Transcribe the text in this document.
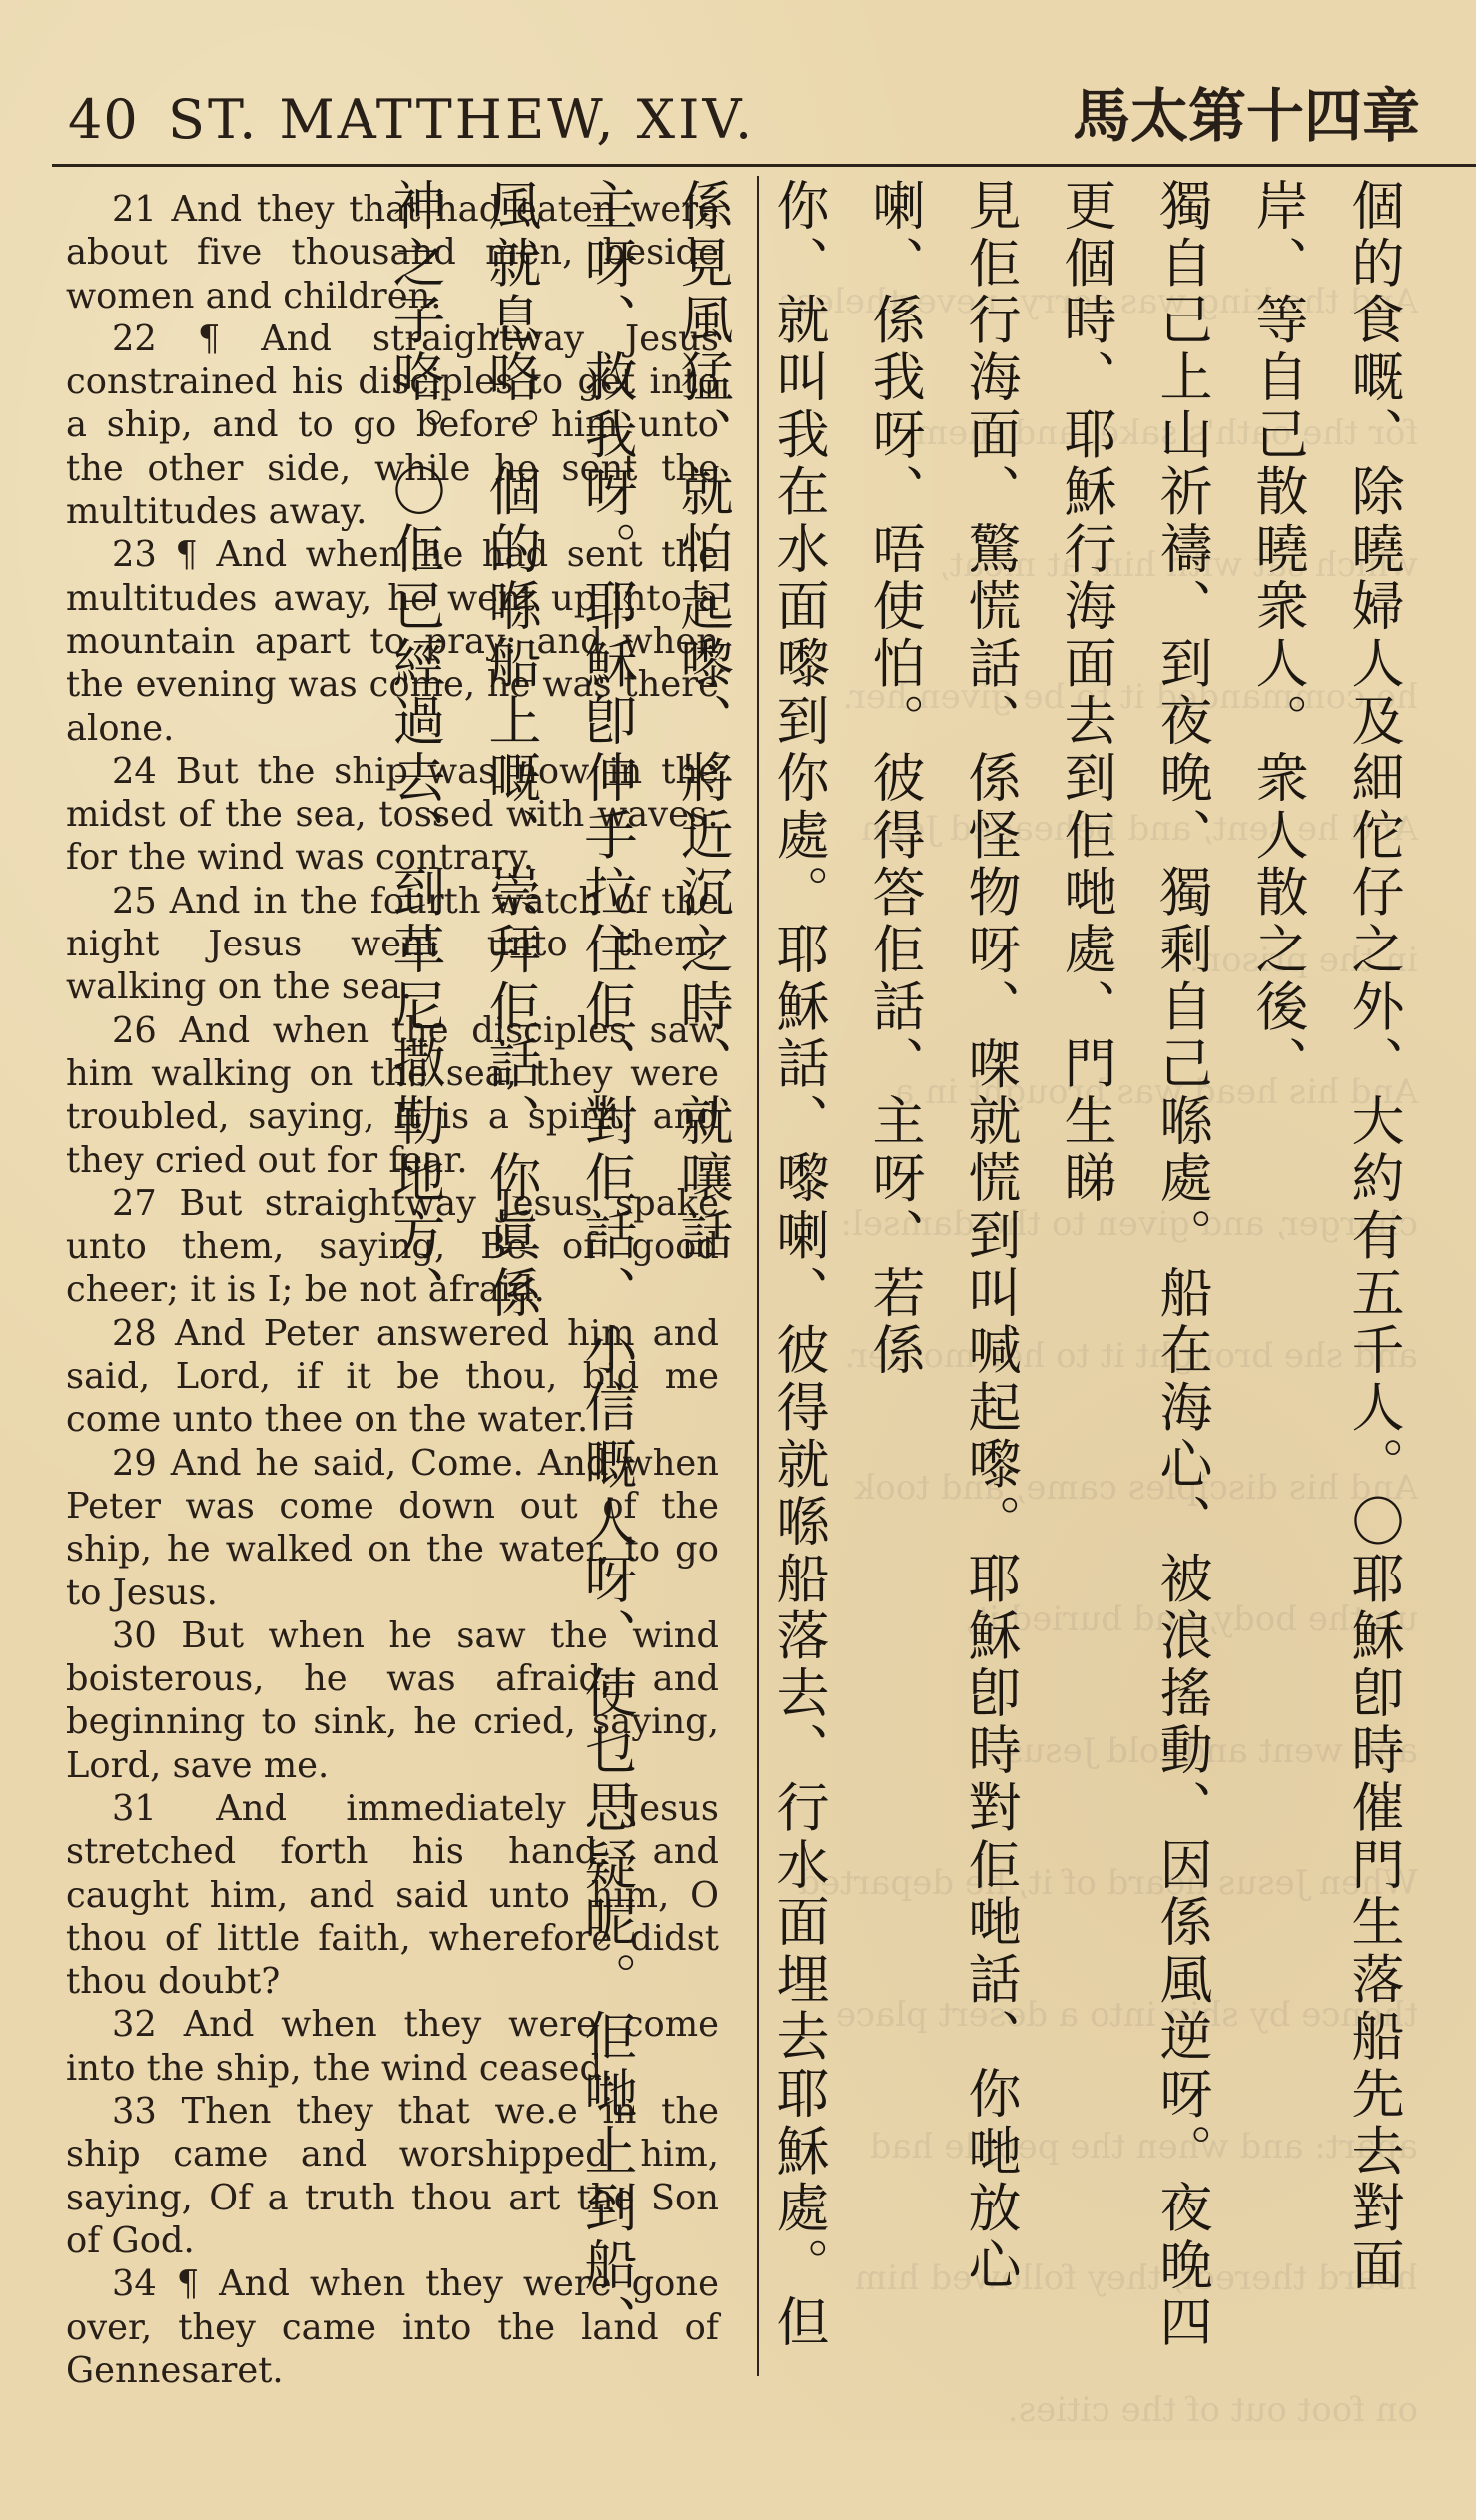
And the king was sorry; nevertheless

for the oath's sake, and them

which sat with him at meat,

he commanded it to be given her.

And he sent, and beheaded John

in the prison.

And his head was brought in a

charger, and given to the damsel:

and she brought it to her mother.

And his disciples came, and took

up the body, and buried it,

and went and told Jesus.

When Jesus heard of it, he departed

thence by ship into a desert place

apart: and when the people had

heard thereof, they followed him

on foot out of the cities.

40 ST. MATTHEW, XIV.	章四十第太馬

21 And they that had eaten were about five thousand men, beside women and children.

22 ¶ And straightway Jesus constrained his disciples to get into a ship, and to go before him unto the other side, while he sent the multitudes away.

23 ¶ And when he had sent the multitudes away, he went up into a mountain apart to pray: and when the evening was come, he was there alone.

24 But the ship was now in the midst of the sea, tossed with waves: for the wind was contrary.

25 And in the fourth watch of the night Jesus went unto them, walking on the sea.

26 And when the disciples saw him walking on the sea, they were troubled, saying, It is a spirit; and they cried out for fear.

27 But straightway Jesus spake unto them, saying, Be of good cheer; it is I; be not afraid.

28 And Peter answered him and said, Lord, if it be thou, bid me come unto thee on the water.

29 And he said, Come. And when Peter was come down out of the ship, he walked on the water, to go to Jesus.

30 But when he saw the wind boisterous, he was afraid; and beginning to sink, he cried, saying, Lord, save me.

31 And immediately Jesus stretched forth his hand, and caught him, and said unto him, O thou of little faith, wherefore didst thou doubt?

32 And when they were come into the ship, the wind ceased.

33 Then they that we.e in the ship came and worshipped him, saying, Of a truth thou art the Son of God.

34 ¶ And when they were gone over, they came into the land of Gennesaret.

個的食嘅、除曉婦人及細佗仔之外、大約有五千人。〇耶穌卽時催門生落船先去對面岸、等自己散曉衆人。衆人散之後、

獨自己上山祈禱、到夜晚、獨剩自己喺處。船在海心、被浪搖動、因係風逆呀。夜晚四更個時、耶穌行海面去到佢哋處、門生睇

見佢行海面、驚慌話、係怪物呀、㗎就慌到叫喊起嚟。耶穌卽時對佢哋話、你哋放心喇、係我呀、唔使怕。彼得答佢話、主呀、若係

你、就叫我在水面嚟到你處。耶穌話、嚟喇、彼得就喺船落去、行水面埋去耶穌處。但係見風猛、就怕起嚟、將近沉之時、就嚷話

主呀、救我呀。耶穌卽伸手拉住佢、對佢話、小信嘅人呀、使乜思疑呢。佢哋上到船、風就息咯。個的喺船上嘅、崇拜佢話、你眞係

神之子咯。〇佢已經過去、到革尼撒勒地方、
